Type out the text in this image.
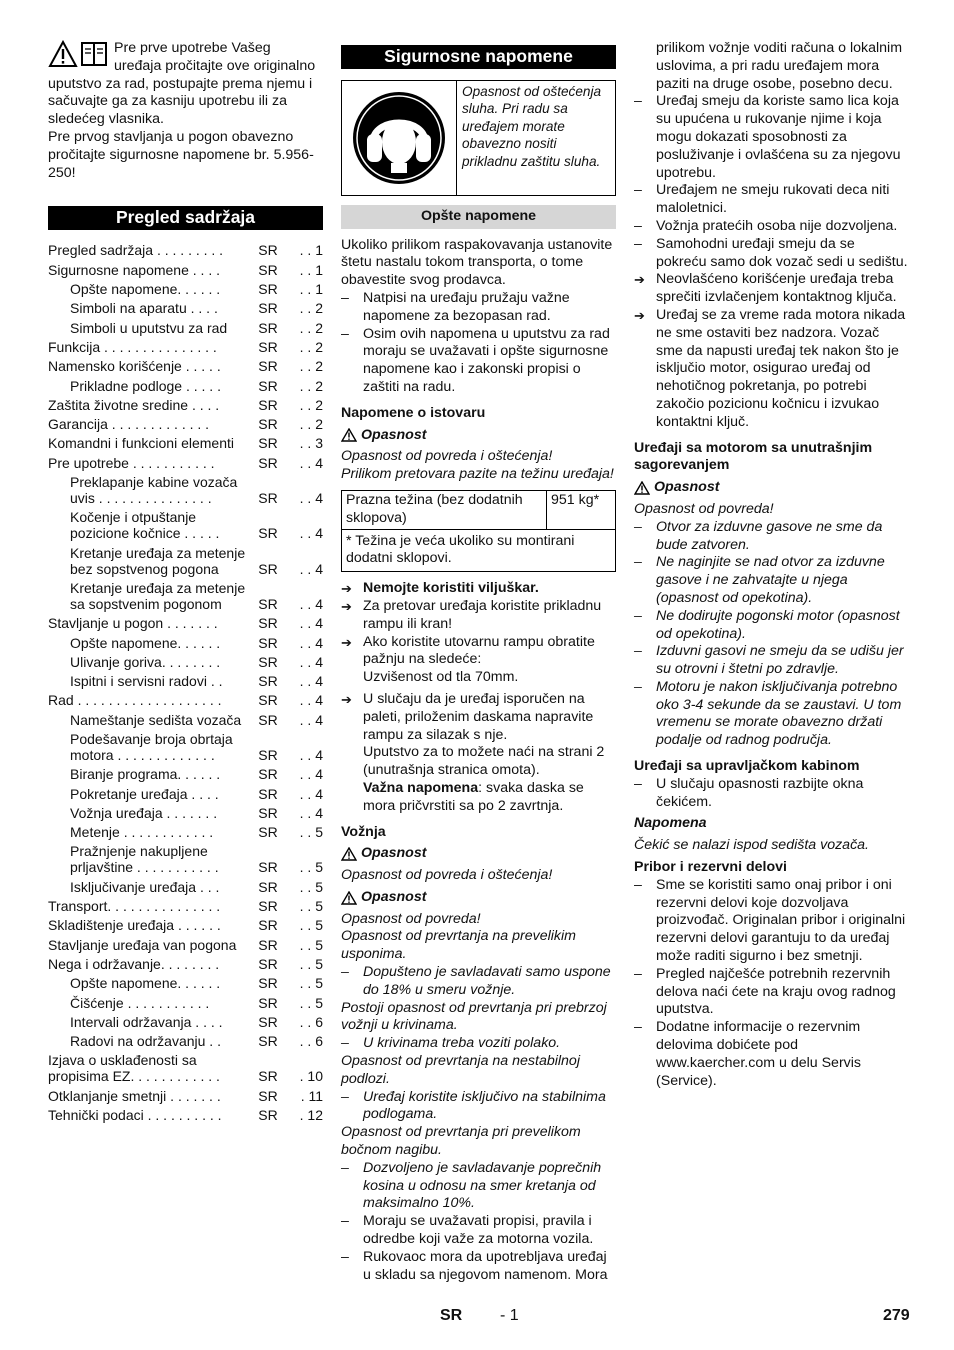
Pre prve upotrebe Vašeg

uređaja pročitajte ove originalno

uputstvo za rad, postupajte prema njemu i sačuvajte ga za kasniju upotrebu ili za sledećeg vlasnika.

Pre prvog stavljanja u pogon obavezno pročitajte sigurnosne napomene br. 5.956-250!

Pregled sadržaja
Pregled sadržaja . . . . . . . . .	SR	. . 1
Sigurnosne napomene . . . .	SR	. . 1
Opšte napomene. . . . . .	SR	. . 1
Simboli na aparatu . . . .	SR	. . 2
Simboli u uputstvu za rad	SR	. . 2
Funkcija . . . . . . . . . . . . . . .	SR	. . 2
Namensko korišćenje . . . . .	SR	. . 2
Prikladne podloge . . . . .	SR	. . 2
Zaštita životne sredine . . . .	SR	. . 2
Garancija . . . . . . . . . . . . .	SR	. . 2
Komandni i funkcioni elementi	SR	. . 3
Pre upotrebe . . . . . . . . . . .	SR	. . 4
Preklapanje kabine vozača uvis . . . . . . . . . . . . . . .	SR	. . 4
Kočenje i otpuštanje pozicione kočnice . . . . .	SR	. . 4
Kretanje uređaja za metenje bez sopstvenog pogona	SR	. . 4
Kretanje uređaja za metenje sa sopstvenim pogonom	SR	. . 4
Stavljanje u pogon . . . . . . .	SR	. . 4
Opšte napomene. . . . . .	SR	. . 4
Ulivanje goriva. . . . . . . .	SR	. . 4
Ispitni i servisni radovi . .	SR	. . 4
Rad . . . . . . . . . . . . . . . . . . .	SR	. . 4
Nameštanje sedišta vozača	SR	. . 4
Podešavanje broja obrtaja motora . . . . . . . . . . . . .	SR	. . 4
Biranje programa. . . . . .	SR	. . 4
Pokretanje uređaja . . . .	SR	. . 4
Vožnja uređaja . . . . . . .	SR	. . 4
Metenje . . . . . . . . . . . .	SR	. . 5
Pražnjenje nakupljene prljavštine . . . . . . . . . . .	SR	. . 5
Isključivanje uređaja . . .	SR	. . 5
Transport. . . . . . . . . . . . . . .	SR	. . 5
Skladištenje uređaja . . . . . .	SR	. . 5
Stavljanje uređaja van pogona	SR	. . 5
Nega i održavanje. . . . . . . .	SR	. . 5
Opšte napomene. . . . . .	SR	. . 5
Čišćenje . . . . . . . . . . .	SR	. . 5
Intervali održavanja . . . .	SR	. . 6
Radovi na održavanju . .	SR	. . 6
Izjava o usklađenosti sa propisima EZ. . . . . . . . . . . .	SR	. 10
Otklanjanje smetnji . . . . . . .	SR	. 11
Tehnički podaci . . . . . . . . . .	SR	. 12
Sigurnosne napomene
Opasnost od oštećenja sluha. Pri radu sa uređajem morate obavezno nositi prikladnu zaštitu sluha.
Opšte napomene

Ukoliko prilikom raspakovavanja ustanovite štetu nastalu tokom transporta, o tome obavestite svog prodavca.

– Natpisi na uređaju pružaju važne napomene za bezopasan rad.
– Osim ovih napomena u uputstvu za rad moraju se uvažavati i opšte sigurnosne napomene kao i zakonski propisi o zaštiti na radu.

Napomene o istovaru

Opasnost

Opasnost od povreda i oštećenja!

Prilikom pretovara pazite na težinu uređaja!

Prazna težina (bez dodatnih sklopova)
951 kg*
* Težina je veća ukoliko su montirani dodatni sklopovi.
➔ Nemojte koristiti viljuškar.
➔ Za pretovar uređaja koristite prikladnu rampu ili kran!
➔ Ako koristite utovarnu rampu obratite pažnju na sledeće:

Uzvišenost od tla 70mm.

➔ U slučaju da je uređaj isporučen na paleti, priloženim daskama napravite rampu za silazak s nje.

Uputstvo za to možete naći na strani 2 (unutrašnja stranica omota).

Važna napomena: svaka daska se mora pričvrstiti sa po 2 zavrtnja.

Vožnja

Opasnost

Opasnost od povreda i oštećenja!

Opasnost

Opasnost od povreda!

Opasnost od prevrtanja na prevelikim usponima.

– Dopušteno je savladavati samo uspone do 18% u smeru vožnje.

Postoji opasnost od prevrtanja pri prebrzoj vožnji u krivinama.

– U krivinama treba voziti polako.

Opasnost od prevrtanja na nestabilnoj podlozi.

– Uređaj koristite isključivo na stabilnima podlogama.

Opasnost od prevrtanja pri prevelikom bočnom nagibu.

– Dozvoljeno je savladavanje poprečnih kosina u odnosu na smer kretanja od maksimalno 10%.
– Moraju se uvažavati propisi, pravila i odredbe koji važe za motorna vozila.
– Rukovaoc mora da upotrebljava uređaj u skladu sa njegovom namenom. Mora

prilikom vožnje voditi računa o lokalnim uslovima, a pri radu uređajem mora paziti na druge osobe, posebno decu.

– Uređaj smeju da koriste samo lica koja su upućena u rukovanje njime i koja mogu dokazati sposobnosti za posluživanje i ovlašćena su za njegovu upotrebu.
– Uređajem ne smeju rukovati deca niti maloletnici.
– Vožnja pratećih osoba nije dozvoljena.
– Samohodni uređaji smeju da se pokreću samo dok vozač sedi u sedištu.
➔ Neovlašćeno korišćenje uređaja treba sprečiti izvlačenjem kontaktnog ključa.
➔ Uređaj se za vreme rada motora nikada ne sme ostaviti bez nadzora. Vozač sme da napusti uređaj tek nakon što je isključio motor, osigurao uređaj od nehotičnog pokretanja, po potrebi zakočio pozicionu kočnicu i izvukao kontaktni ključ.

Uređaji sa motorom sa unutrašnjim sagorevanjem

Opasnost

Opasnost od povreda!

– Otvor za izduvne gasove ne sme da bude zatvoren.
– Ne naginjite se nad otvor za izduvne gasove i ne zahvatajte u njega (opasnost od opekotina).
– Ne dodirujte pogonski motor (opasnost od opekotina).
– Izduvni gasovi ne smeju da se udišu jer su otrovni i štetni po zdravlje.
– Motoru je nakon isključivanja potrebno oko 3-4 sekunde da se zaustavi. U tom vremenu se morate obavezno držati podalje od radnog područja.

Uređaji sa upravljačkom kabinom

– U slučaju opasnosti razbijte okna čekićem.

Napomena

Čekić se nalazi ispod sedišta vozača.

Pribor i rezervni delovi

– Sme se koristiti samo onaj pribor i oni rezervni delovi koje dozvoljava proizvođač. Originalan pribor i originalni rezervni delovi garantuju to da uređaj može raditi sigurno i bez smetnji.
– Pregled najčešće potrebnih rezervnih delova naći ćete na kraju ovog radnog uputstva.
– Dodatne informacije o rezervnim delovima dobićete pod www.kaercher.com u delu Servis (Service).
SR - 1	279
